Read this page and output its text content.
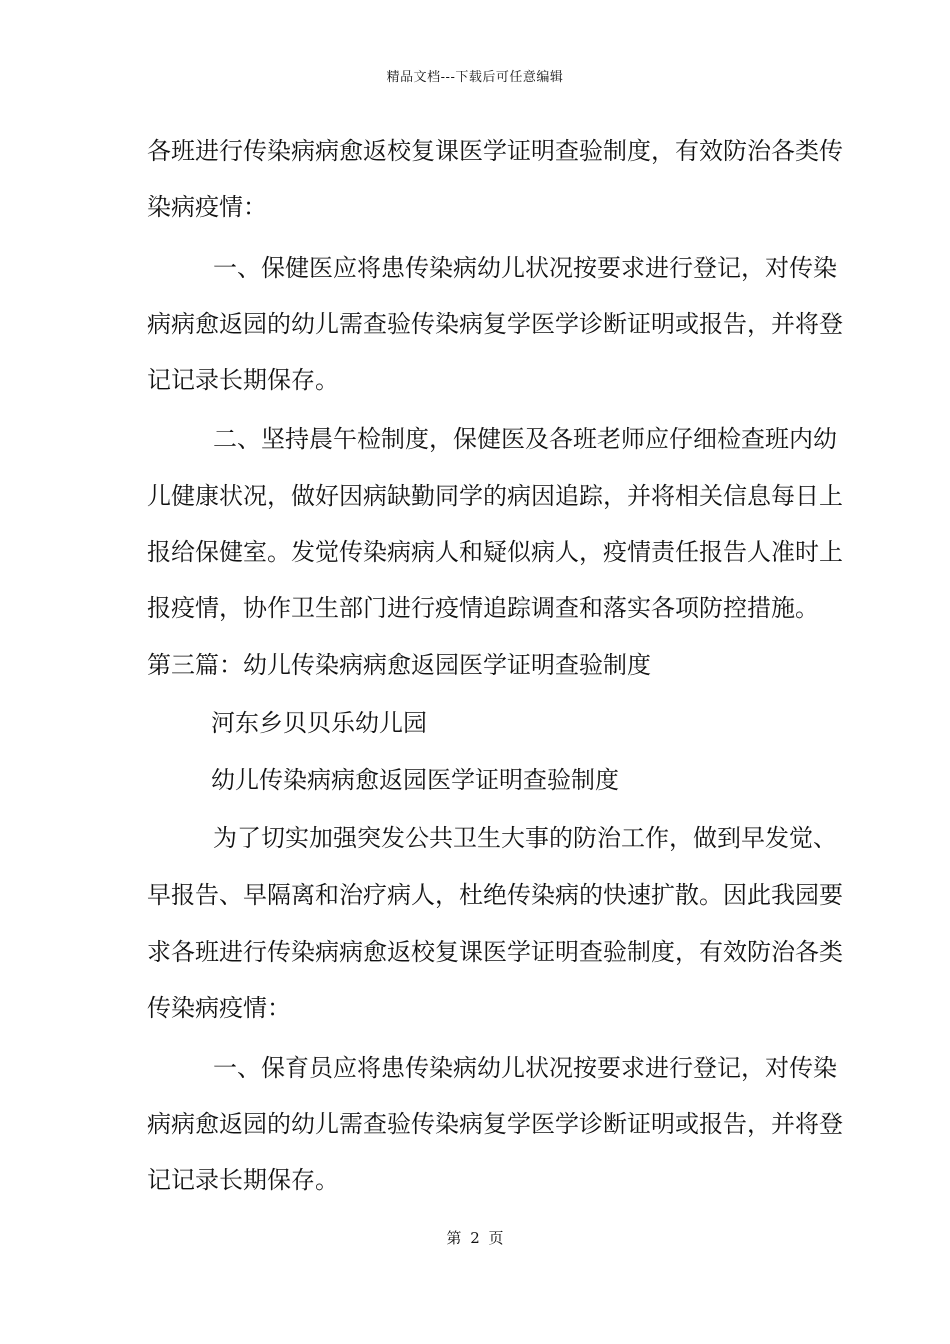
精品文档---下载后可任意编辑
各班进行传染病病愈返校复课医学证明查验制度，有效防治各类传
染病疫情：
一、保健医应将患传染病幼儿状况按要求进行登记，对传染
病病愈返园的幼儿需查验传染病复学医学诊断证明或报告，并将登
记记录长期保存。
二、坚持晨午检制度，保健医及各班老师应仔细检查班内幼
儿健康状况，做好因病缺勤同学的病因追踪，并将相关信息每日上
报给保健室。发觉传染病病人和疑似病人，疫情责任报告人准时上
报疫情，协作卫生部门进行疫情追踪调查和落实各项防控措施。
第三篇：幼儿传染病病愈返园医学证明查验制度
河东乡贝贝乐幼儿园
幼儿传染病病愈返园医学证明查验制度
为了切实加强突发公共卫生大事的防治工作，做到早发觉、
早报告、早隔离和治疗病人，杜绝传染病的快速扩散。因此我园要
求各班进行传染病病愈返校复课医学证明查验制度，有效防治各类
传染病疫情：
一、保育员应将患传染病幼儿状况按要求进行登记，对传染
病病愈返园的幼儿需查验传染病复学医学诊断证明或报告，并将登
记记录长期保存。
第 2 页
